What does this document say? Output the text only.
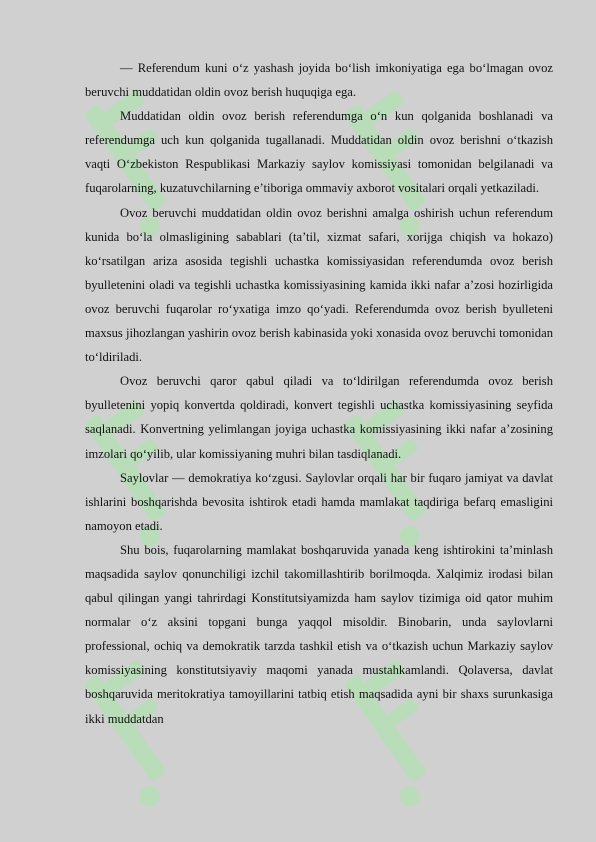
— Referendum kuni o‘z yashash joyida bo‘lish imkoniyatiga ega bo‘lmagan ovoz beruvchi muddatidan oldin ovoz berish huquqiga ega.

Muddatidan oldin ovoz berish referendumga o‘n kun qolganida boshlanadi va referendumga uch kun qolganida tugallanadi. Muddatidan oldin ovoz berishni o‘tkazish vaqti O‘zbekiston Respublikasi Markaziy saylov komissiyasi tomonidan belgilanadi va fuqarolarning, kuzatuvchilarning e’tiboriga ommaviy axborot vositalari orqali yetkaziladi.

Ovoz beruvchi muddatidan oldin ovoz berishni amalga oshirish uchun referendum kunida bo‘la olmasligining sabablari (ta’til, xizmat safari, xorijga chiqish va hokazo) ko‘rsatilgan ariza asosida tegishli uchastka komissiyasidan referendumda ovoz berish byulletenini oladi va tegishli uchastka komissiyasining kamida ikki nafar a’zosi hozirligida ovoz beruvchi fuqarolar ro‘yxatiga imzo qo‘yadi. Referendumda ovoz berish byulleteni maxsus jihozlangan yashirin ovoz berish kabinasida yoki xonasida ovoz beruvchi tomonidan to‘ldiriladi.

Ovoz beruvchi qaror qabul qiladi va to‘ldirilgan referendumda ovoz berish byulletenini yopiq konvertda qoldiradi, konvert tegishli uchastka komissiyasining seyfida saqlanadi. Konvertning yelimlangan joyiga uchastka komissiyasining ikki nafar a’zosining imzolari qo‘yilib, ular komissiyaning muhri bilan tasdiqlanadi.

Saylovlar — demokratiya ko‘zgusi. Saylovlar orqali har bir fuqaro jamiyat va davlat ishlarini boshqarishda bevosita ishtirok etadi hamda mamlakat taqdiriga befarq emasligini namoyon etadi.

Shu bois, fuqarolarning mamlakat boshqaruvida yanada keng ishtirokini ta’minlash maqsadida saylov qonunchiligi izchil takomillashtirib borilmoqda. Xalqimiz irodasi bilan qabul qilingan yangi tahrirdagi Konstitutsiyamizda ham saylov tizimiga oid qator muhim normalar o‘z aksini topgani bunga yaqqol misoldir. Binobarin, unda saylovlarni professional, ochiq va demokratik tarzda tashkil etish va o‘tkazish uchun Markaziy saylov komissiyasining konstitutsiyaviy maqomi yanada mustahkamlandi. Qolaversa, davlat boshqaruvida meritokratiya tamoyillarini tatbiq etish maqsadida ayni bir shaxs surunkasiga ikki muddatdan
